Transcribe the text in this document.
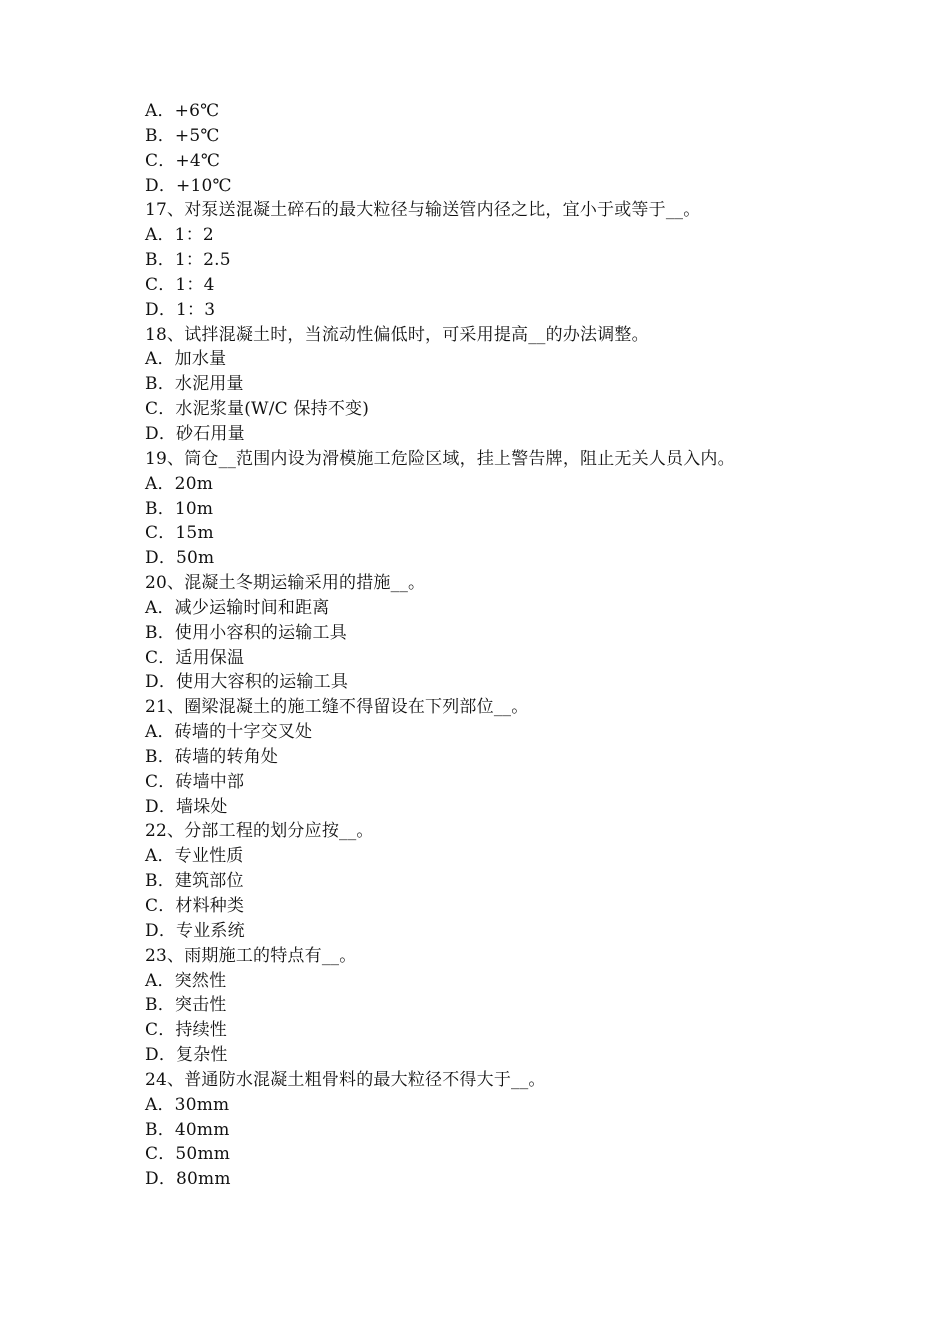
A．+6℃
B．+5℃
C．+4℃
D．+10℃
17、对泵送混凝土碎石的最大粒径与输送管内径之比，宜小于或等于__。
A．1：2
B．1：2.5
C．1：4
D．1：3
18、试拌混凝土时，当流动性偏低时，可采用提高__的办法调整。
A．加水量
B．水泥用量
C．水泥浆量(W/C 保持不变)
D．砂石用量
19、筒仓__范围内设为滑模施工危险区域，挂上警告牌，阻止无关人员入内。
A．20m
B．10m
C．15m
D．50m
20、混凝土冬期运输采用的措施__。
A．减少运输时间和距离
B．使用小容积的运输工具
C．适用保温
D．使用大容积的运输工具
21、圈梁混凝土的施工缝不得留设在下列部位__。
A．砖墙的十字交叉处
B．砖墙的转角处
C．砖墙中部
D．墙垛处
22、分部工程的划分应按__。
A．专业性质
B．建筑部位
C．材料种类
D．专业系统
23、雨期施工的特点有__。
A．突然性
B．突击性
C．持续性
D．复杂性
24、普通防水混凝土粗骨料的最大粒径不得大于__。
A．30mm
B．40mm
C．50mm
D．80mm
